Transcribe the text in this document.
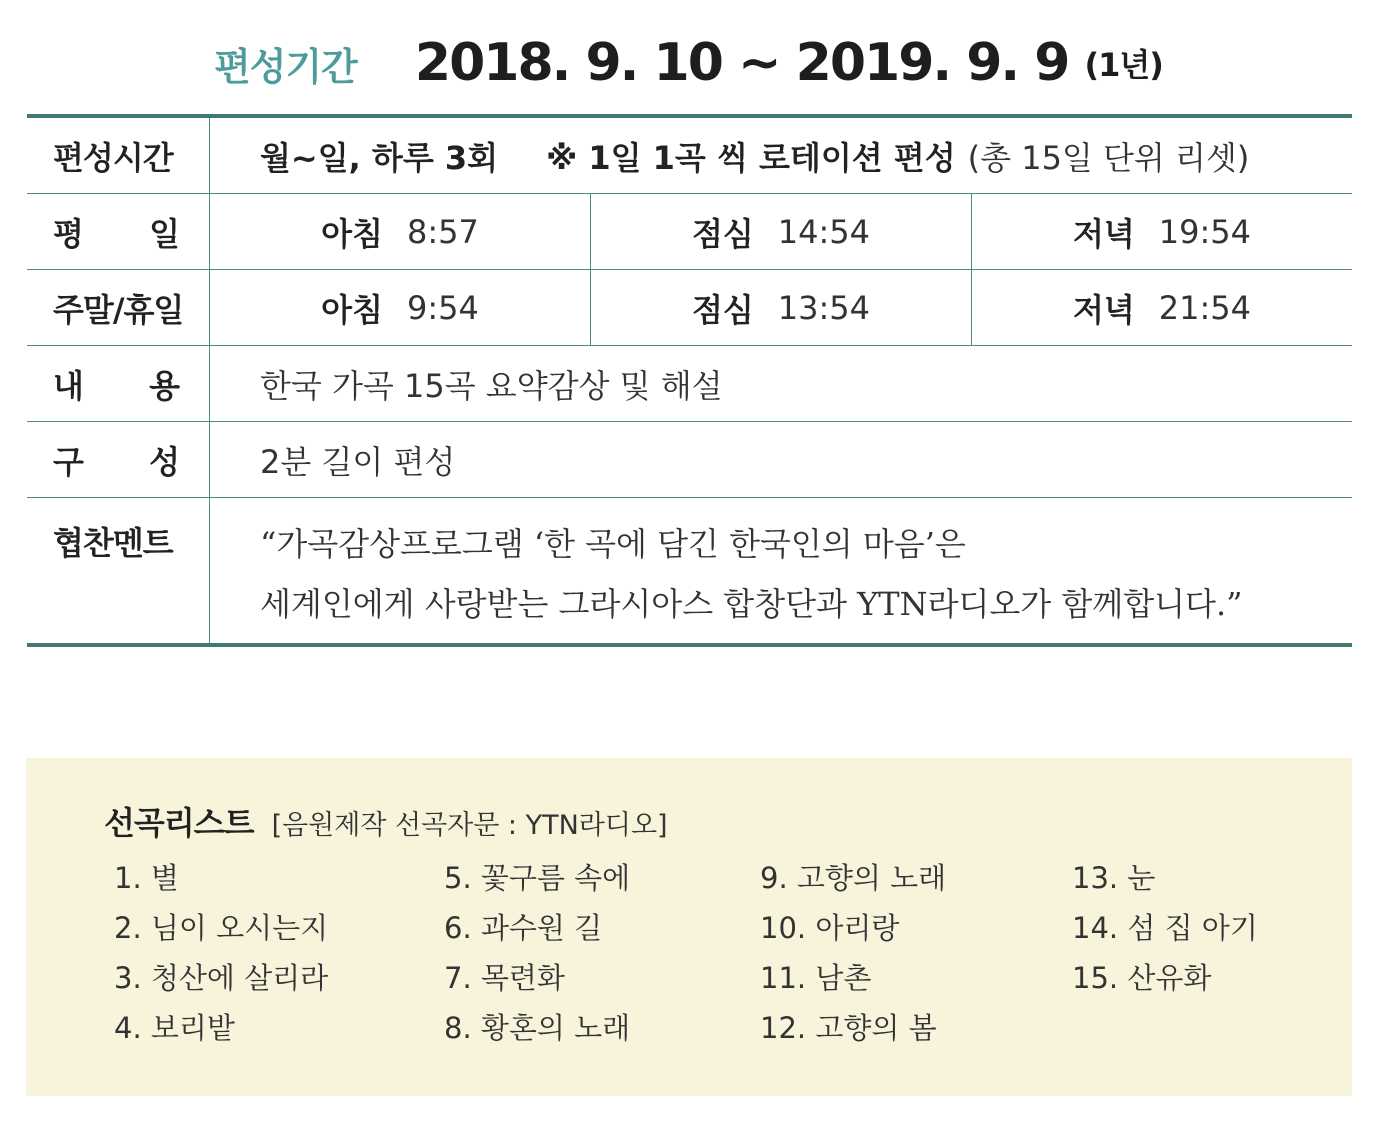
편성기간 2018. 9. 10 ~ 2019. 9. 9 (1년)
편성시간	월~일, 하루 3회 ※ 1일 1곡 씩 로테이션 편성 (총 15일 단위 리셋)
평 일	아침 8:57	점심 14:54	저녁 19:54
주말/휴일	아침 9:54	점심 13:54	저녁 21:54
내 용	한국 가곡 15곡 요약감상 및 해설
구 성	2분 길이 편성
협찬멘트	“가곡감상프로그램 ‘한 곡에 담긴 한국인의 마음’은
세계인에게 사랑받는 그라시아스 합창단과 YTN라디오가 함께합니다.”
선곡리스트 [음원제작 선곡자문 : YTN라디오]
1. 별
2. 님이 오시는지
3. 청산에 살리라
4. 보리밭
5. 꽃구름 속에
6. 과수원 길
7. 목련화
8. 황혼의 노래
9. 고향의 노래
10. 아리랑
11. 남촌
12. 고향의 봄
13. 눈
14. 섬 집 아기
15. 산유화
